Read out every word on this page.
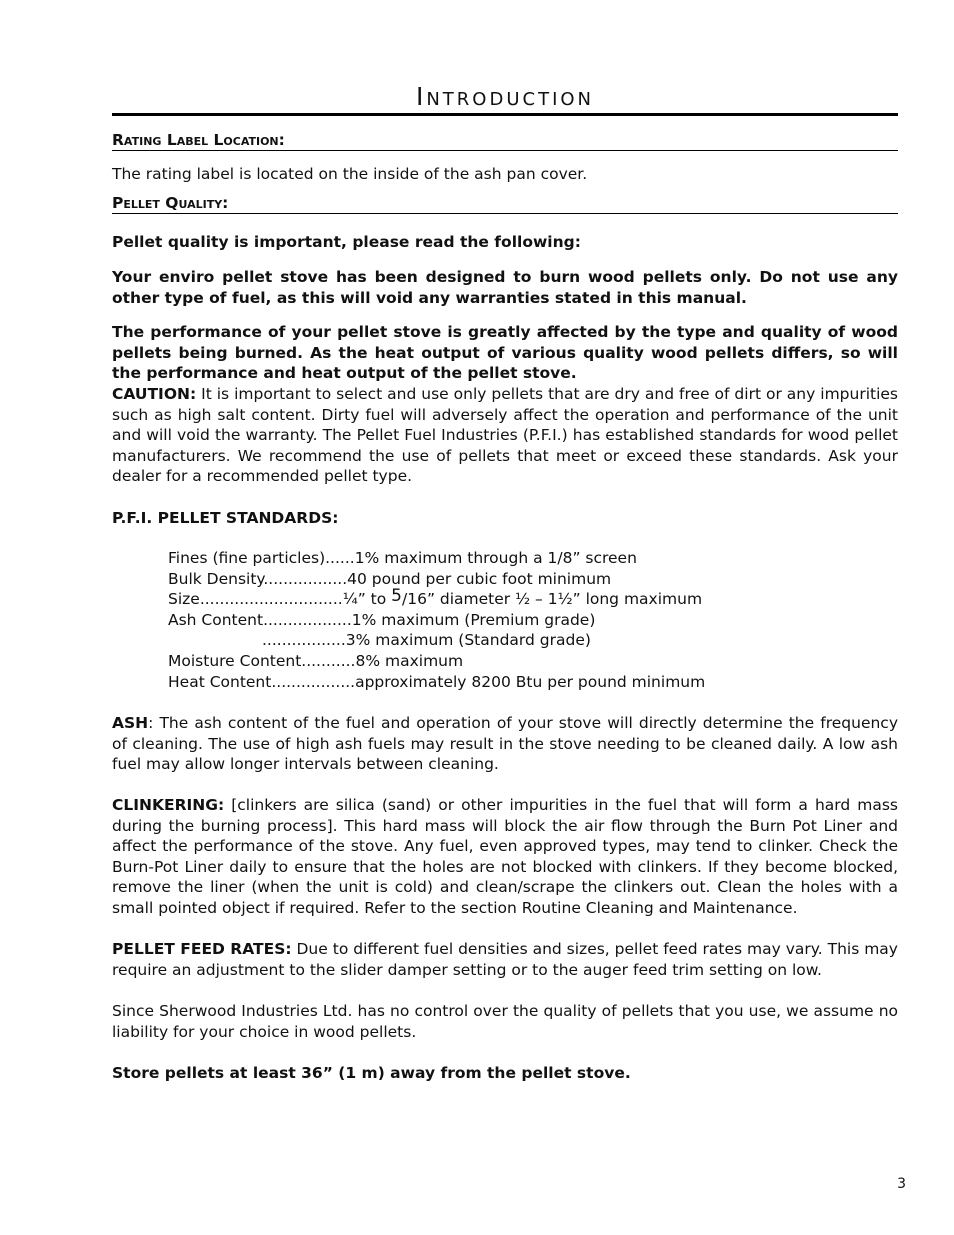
Introduction
Rating Label Location:
The rating label is located on the inside of the ash pan cover.
Pellet Quality:
Pellet quality is important, please read the following:
Your enviro pellet stove has been designed to burn wood pellets only. Do not use any other type of fuel, as this will void any warranties stated in this manual.
The performance of your pellet stove is greatly affected by the type and quality of wood pellets being burned. As the heat output of various quality wood pellets differs, so will the performance and heat output of the pellet stove.
CAUTION: It is important to select and use only pellets that are dry and free of dirt or any impurities such as high salt content. Dirty fuel will adversely affect the operation and performance of the unit and will void the warranty. The Pellet Fuel Industries (P.F.I.) has established standards for wood pellet manufacturers. We recommend the use of pellets that meet or exceed these standards. Ask your dealer for a recommended pellet type.
P.F.I. PELLET STANDARDS:
Fines (fine particles)......1% maximum through a 1/8” screen
Bulk Density.................40 pound per cubic foot minimum
Size.............................¼” to 5/16” diameter ½ – 1½” long maximum
Ash Content..................1% maximum (Premium grade)
.................3% maximum (Standard grade)
Moisture Content...........8% maximum
Heat Content.................approximately 8200 Btu per pound minimum
ASH: The ash content of the fuel and operation of your stove will directly determine the frequency of cleaning. The use of high ash fuels may result in the stove needing to be cleaned daily. A low ash fuel may allow longer intervals between cleaning.
CLINKERING: [clinkers are silica (sand) or other impurities in the fuel that will form a hard mass during the burning process]. This hard mass will block the air flow through the Burn Pot Liner and affect the performance of the stove. Any fuel, even approved types, may tend to clinker. Check the Burn-Pot Liner daily to ensure that the holes are not blocked with clinkers. If they become blocked, remove the liner (when the unit is cold) and clean/scrape the clinkers out. Clean the holes with a small pointed object if required. Refer to the section Routine Cleaning and Maintenance.
PELLET FEED RATES: Due to different fuel densities and sizes, pellet feed rates may vary. This may require an adjustment to the slider damper setting or to the auger feed trim setting on low.
Since Sherwood Industries Ltd. has no control over the quality of pellets that you use, we assume no liability for your choice in wood pellets.
Store pellets at least 36” (1 m) away from the pellet stove.
3
